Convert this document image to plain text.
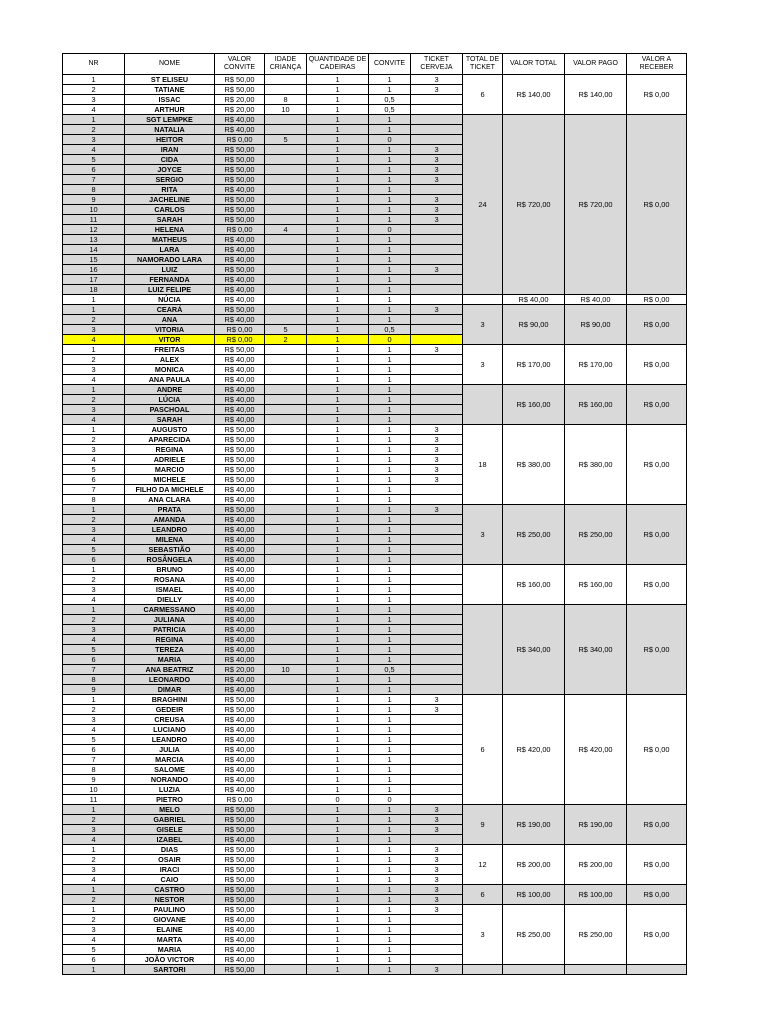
NR	NOME	VALOR CONVITE	IDADE CRIANÇA	QUANTIDADE DE CADEIRAS	CONVITE	TICKET CERVEJA	TOTAL DE TICKET	VALOR TOTAL	VALOR PAGO	VALOR A RECEBER
1	ST ELISEU	R$ 50,00		1	1	3	6	R$ 140,00	R$ 140,00	R$ 0,00
2	TATIANE	R$ 50,00		1	1	3				
3	ISSAC	R$ 20,00	8	1	0,5					
4	ARTHUR	R$ 20,00	10	1	0,5					
1	SGT LEMPKE	R$ 40,00		1	1		24	R$ 720,00	R$ 720,00	R$ 0,00
2	NATALIA	R$ 40,00		1	1					
3	HEITOR	R$ 0,00	5	1	0					
4	IRAN	R$ 50,00		1	1	3				
5	CIDA	R$ 50,00		1	1	3				
6	JOYCE	R$ 50,00		1	1	3				
7	SERGIO	R$ 50,00		1	1	3				
8	RITA	R$ 40,00		1	1					
9	JACHELINE	R$ 50,00		1	1	3				
10	CARLOS	R$ 50,00		1	1	3				
11	SARAH	R$ 50,00		1	1	3				
12	HELENA	R$ 0,00	4	1	0					
13	MATHEUS	R$ 40,00		1	1					
14	LARA	R$ 40,00		1	1					
15	NAMORADO LARA	R$ 40,00		1	1					
16	LUIZ	R$ 50,00		1	1	3				
17	FERNANDA	R$ 40,00		1	1					
18	LUIZ FELIPE	R$ 40,00		1	1					
1	NÚCIA	R$ 40,00		1	1			R$ 40,00	R$ 40,00	R$ 0,00
1	CEARÁ	R$ 50,00		1	1	3	3	R$ 90,00	R$ 90,00	R$ 0,00
2	ANA	R$ 40,00		1	1					
3	VITORIA	R$ 0,00	5	1	0,5					
4	VITOR	R$ 0,00	2	1	0					
1	FREITAS	R$ 50,00		1	1	3	3	R$ 170,00	R$ 170,00	R$ 0,00
2	ALEX	R$ 40,00		1	1					
3	MONICA	R$ 40,00		1	1					
4	ANA PAULA	R$ 40,00		1	1					
1	ANDRE	R$ 40,00		1	1			R$ 160,00	R$ 160,00	R$ 0,00
2	LÚCIA	R$ 40,00		1	1					
3	PASCHOAL	R$ 40,00		1	1					
4	SARAH	R$ 40,00		1	1					
1	AUGUSTO	R$ 50,00		1	1	3	18	R$ 380,00	R$ 380,00	R$ 0,00
2	APARECIDA	R$ 50,00		1	1	3				
3	REGINA	R$ 50,00		1	1	3				
4	ADRIELE	R$ 50,00		1	1	3				
5	MARCIO	R$ 50,00		1	1	3				
6	MICHELE	R$ 50,00		1	1	3				
7	FILHO DA MICHELE	R$ 40,00		1	1					
8	ANA CLARA	R$ 40,00		1	1					
1	PRATA	R$ 50,00		1	1	3	3	R$ 250,00	R$ 250,00	R$ 0,00
2	AMANDA	R$ 40,00		1	1					
3	LEANDRO	R$ 40,00		1	1					
4	MILENA	R$ 40,00		1	1					
5	SEBASTIÃO	R$ 40,00		1	1					
6	ROSÂNGELA	R$ 40,00		1	1					
1	BRUNO	R$ 40,00		1	1			R$ 160,00	R$ 160,00	R$ 0,00
2	ROSANA	R$ 40,00		1	1					
3	ISMAEL	R$ 40,00		1	1					
4	DIELLY	R$ 40,00		1	1					
1	CARMESSANO	R$ 40,00		1	1			R$ 340,00	R$ 340,00	R$ 0,00
2	JULIANA	R$ 40,00		1	1					
3	PATRICIA	R$ 40,00		1	1					
4	REGINA	R$ 40,00		1	1					
5	TEREZA	R$ 40,00		1	1					
6	MARIA	R$ 40,00		1	1					
7	ANA BEATRIZ	R$ 20,00	10	1	0,5					
8	LEONARDO	R$ 40,00		1	1					
9	DIMAR	R$ 40,00		1	1					
1	BRAGHINI	R$ 50,00		1	1	3	6	R$ 420,00	R$ 420,00	R$ 0,00
2	GEDEIR	R$ 50,00		1	1	3				
3	CREUSA	R$ 40,00		1	1					
4	LUCIANO	R$ 40,00		1	1					
5	LEANDRO	R$ 40,00		1	1					
6	JULIA	R$ 40,00		1	1					
7	MARCIA	R$ 40,00		1	1					
8	SALOME	R$ 40,00		1	1					
9	NORANDO	R$ 40,00		1	1					
10	LUZIA	R$ 40,00		1	1					
11	PIETRO	R$ 0,00		0	0					
1	MELO	R$ 50,00		1	1	3	9	R$ 190,00	R$ 190,00	R$ 0,00
2	GABRIEL	R$ 50,00		1	1	3				
3	GISELE	R$ 50,00		1	1	3				
4	IZABEL	R$ 40,00		1	1					
1	DIAS	R$ 50,00		1	1	3	12	R$ 200,00	R$ 200,00	R$ 0,00
2	OSAIR	R$ 50,00		1	1	3				
3	IRACI	R$ 50,00		1	1	3				
4	CAIO	R$ 50,00		1	1	3				
1	CASTRO	R$ 50,00		1	1	3	6	R$ 100,00	R$ 100,00	R$ 0,00
2	NESTOR	R$ 50,00		1	1	3				
1	PAULINO	R$ 50,00		1	1	3	3	R$ 250,00	R$ 250,00	R$ 0,00
2	GIOVANE	R$ 40,00		1	1					
3	ELAINE	R$ 40,00		1	1					
4	MARTA	R$ 40,00		1	1					
5	MARIA	R$ 40,00		1	1					
6	JOÃO VICTOR	R$ 40,00		1	1					
1	SARTORI	R$ 50,00		1	1	3				
